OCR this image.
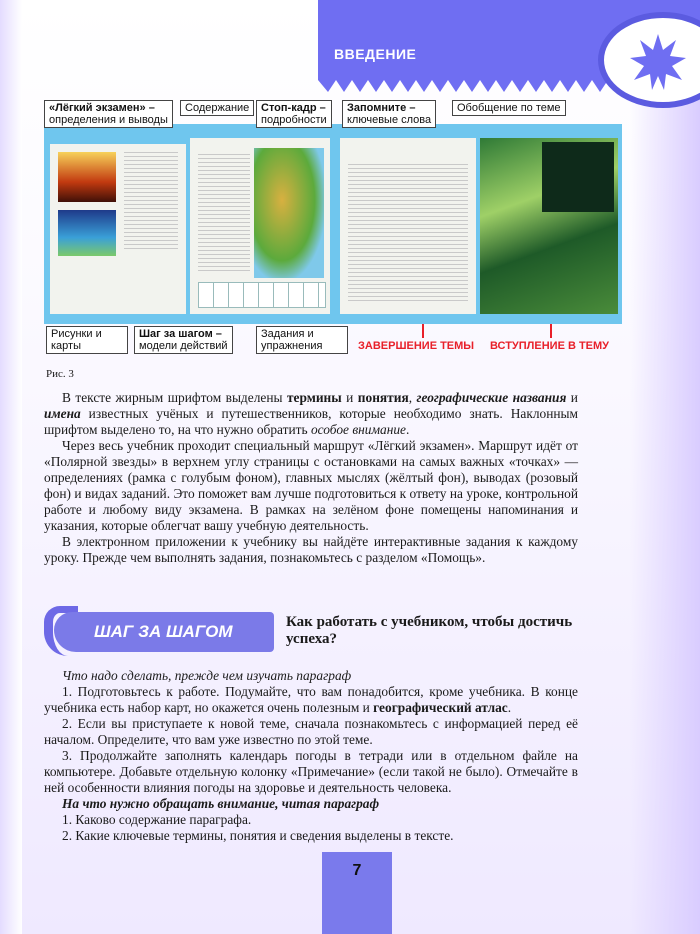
ВВЕДЕНИЕ
«Лёгкий экзамен» –
определения и выводы
Содержание	Стоп-кадр –
подробности
Запомните –
ключевые слова
Обобщение по теме
Рисунки и карты
Шаг за шагом –
модели действий
Задания и упражнения	ЗАВЕРШЕНИЕ ТЕМЫ ВСТУПЛЕНИЕ В ТЕМУ
Рис. 3

В тексте жирным шрифтом выделены термины и понятия, географические названия и имена известных учёных и путешественников, которые необходимо знать. Наклонным шрифтом выделено то, на что нужно обратить особое внимание.

Через весь учебник проходит специальный маршрут «Лёгкий экзамен». Маршрут идёт от «Полярной звезды» в верхнем углу страницы с остановками на самых важных «точках» — определениях (рамка с голубым фоном), главных мыслях (жёлтый фон), выводах (розовый фон) и видах заданий. Это поможет вам лучше подготовиться к ответу на уроке, контрольной работе и любому виду экзамена. В рамках на зелёном фоне помещены напоминания и указания, которые облегчат вашу учебную деятельность.

В электронном приложении к учебнику вы найдёте интерактивные задания к каждому уроку. Прежде чем выполнять задания, познакомьтесь с разделом «Помощь».

ШАГ ЗА ШАГОМ	Как работать с учебником, чтобы достичь успеха?

Что надо сделать, прежде чем изучать параграф

1. Подготовьтесь к работе. Подумайте, что вам понадобится, кроме учебника. В конце учебника есть набор карт, но окажется очень полезным и географический атлас.

2. Если вы приступаете к новой теме, сначала познакомьтесь с информацией перед её началом. Определите, что вам уже известно по этой теме.

3. Продолжайте заполнять календарь погоды в тетради или в отдельном файле на компьютере. Добавьте отдельную колонку «Примечание» (если такой не было). Отмечайте в ней особенности влияния погоды на здоровье и деятельность человека.

На что нужно обращать внимание, читая параграф

1. Каково содержание параграфа.

2. Какие ключевые термины, понятия и сведения выделены в тексте.

7
